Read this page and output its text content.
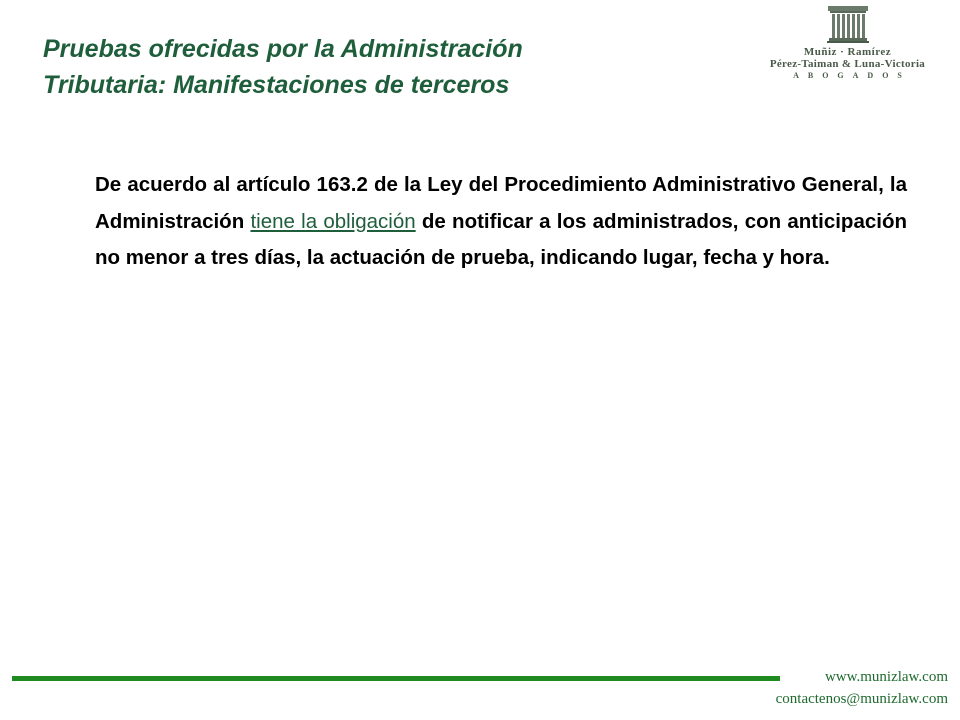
Pruebas ofrecidas por la Administración
Tributaria: Manifestaciones de terceros
Muñiz · Ramírez
Pérez-Taiman & Luna-Victoria
ABOGADOS

De acuerdo al artículo 163.2 de la Ley del Procedimiento Administrativo General, la Administración tiene la obligación de notificar a los administrados, con anticipación no menor a tres días, la actuación de prueba, indicando lugar, fecha y hora.

www.munizlaw.com
contactenos@munizlaw.com
